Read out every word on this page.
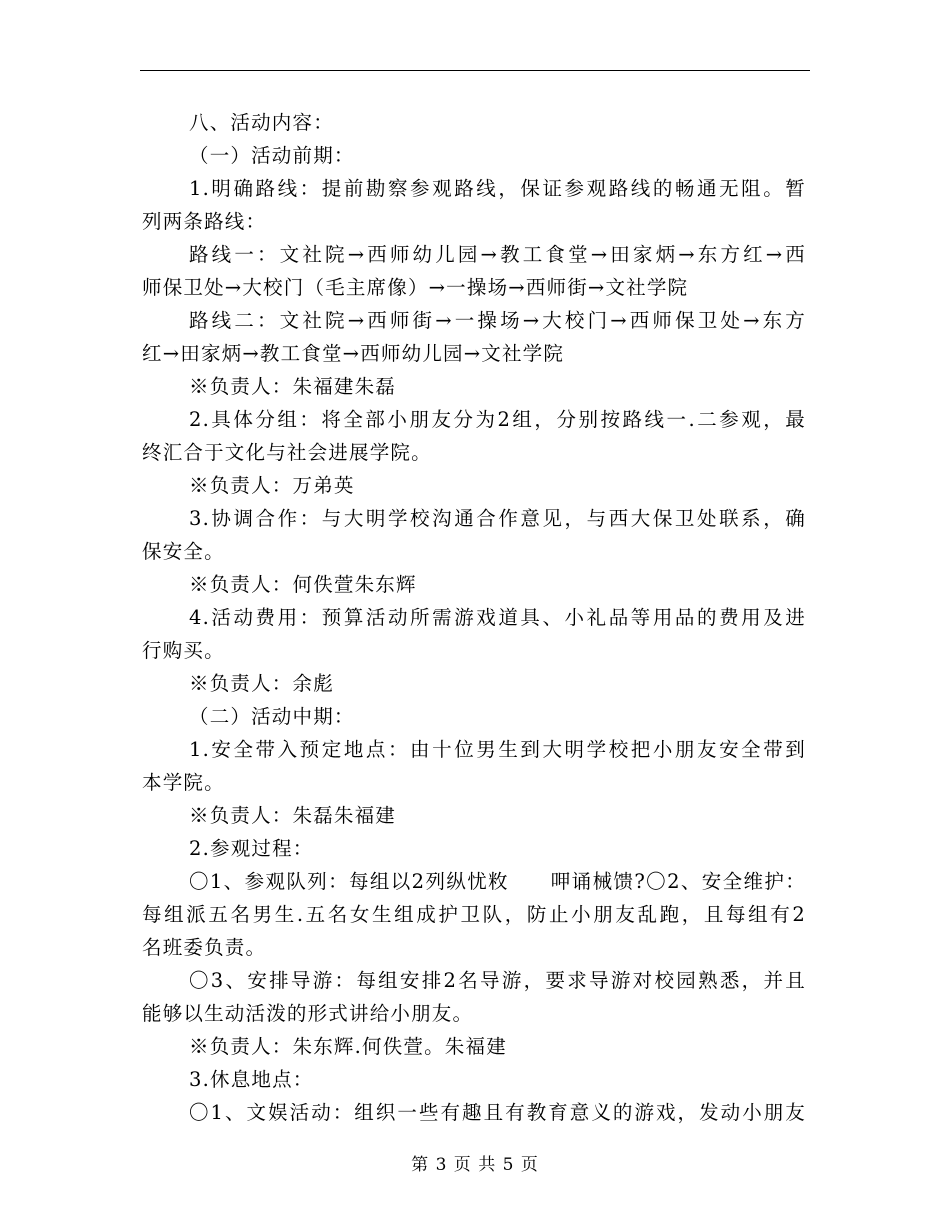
八、活动内容：
（一）活动前期：
1.明确路线：提前勘察参观路线，保证参观路线的畅通无阻。暂
列两条路线：
路线一：文社院→西师幼儿园→教工食堂→田家炳→东方红→西
师保卫处→大校门（毛主席像）→一操场→西师街→文社学院
路线二：文社院→西师街→一操场→大校门→西师保卫处→东方
红→田家炳→教工食堂→西师幼儿园→文社学院
※负责人：朱福建朱磊
2.具体分组：将全部小朋友分为2组，分别按路线一.二参观，最
终汇合于文化与社会进展学院。
※负责人：万弟英
3.协调合作：与大明学校沟通合作意见，与西大保卫处联系，确
保安全。
※负责人：何佚萱朱东辉
4.活动费用：预算活动所需游戏道具、小礼品等用品的费用及进
行购买。
※负责人：余彪
（二）活动中期：
1.安全带入预定地点：由十位男生到大明学校把小朋友安全带到
本学院。
※负责人：朱磊朱福建
2.参观过程：
〇1、参观队列：每组以2列纵忧敉　　呷诵械馈?〇2、安全维护：
每组派五名男生.五名女生组成护卫队，防止小朋友乱跑，且每组有2
名班委负责。
〇3、安排导游：每组安排2名导游，要求导游对校园熟悉，并且
能够以生动活泼的形式讲给小朋友。
※负责人：朱东辉.何佚萱。朱福建
3.休息地点：
〇1、文娱活动：组织一些有趣且有教育意义的游戏，发动小朋友
第 3 页 共 5 页
